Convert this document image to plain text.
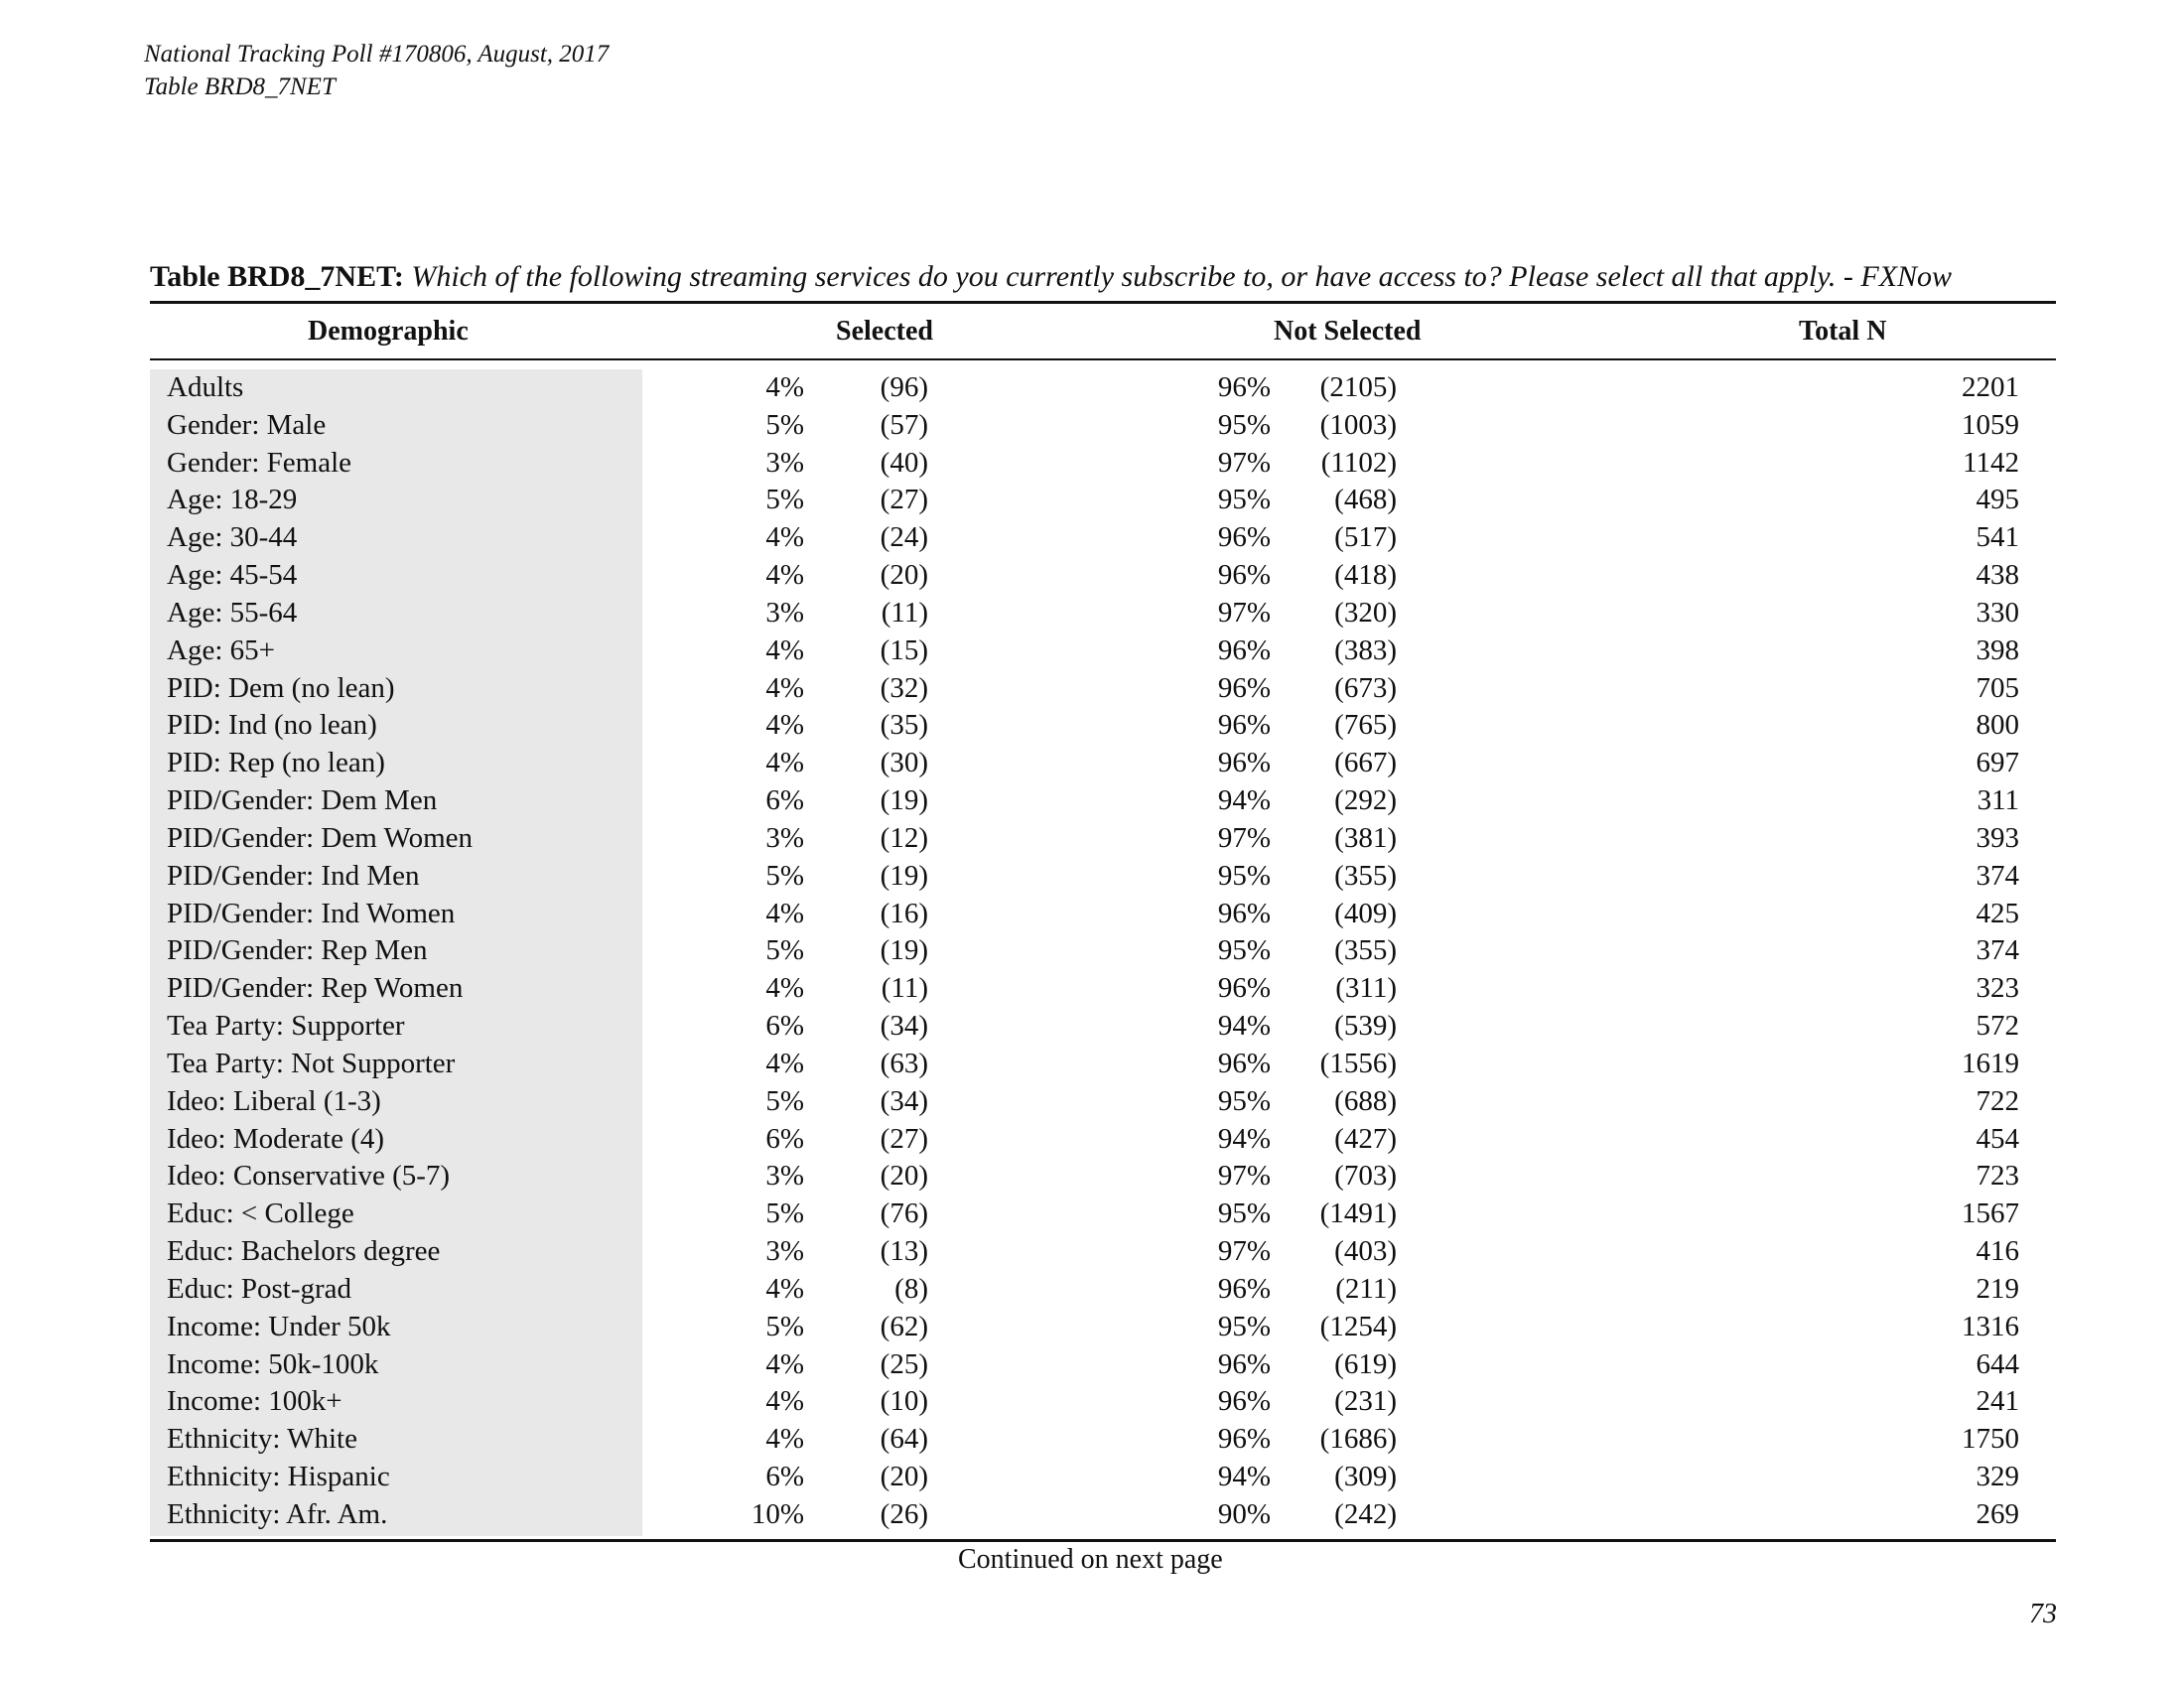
National Tracking Poll #170806, August, 2017
Table BRD8_7NET
Table BRD8_7NET: Which of the following streaming services do you currently subscribe to, or have access to? Please select all that apply. - FXNow
Demographic	Selected	Not Selected	Total N
Adults	4%	(96)	96% (2105)	2201
Gender: Male	5%	(57)	95% (1003)	1059
Gender: Female	3%	(40)	97% (1102)	1142
Age: 18-29	5%	(27)	95% (468)	495
Age: 30-44	4%	(24)	96% (517)	541
Age: 45-54	4%	(20)	96% (418)	438
Age: 55-64	3%	(11)	97% (320)	330
Age: 65+	4%	(15)	96% (383)	398
PID: Dem (no lean)	4%	(32)	96% (673)	705
PID: Ind (no lean)	4%	(35)	96% (765)	800
PID: Rep (no lean)	4%	(30)	96% (667)	697
PID/Gender: Dem Men	6%	(19)	94% (292)	311
PID/Gender: Dem Women	3%	(12)	97% (381)	393
PID/Gender: Ind Men	5%	(19)	95% (355)	374
PID/Gender: Ind Women	4%	(16)	96% (409)	425
PID/Gender: Rep Men	5%	(19)	95% (355)	374
PID/Gender: Rep Women	4%	(11)	96% (311)	323
Tea Party: Supporter	6%	(34)	94% (539)	572
Tea Party: Not Supporter	4%	(63)	96% (1556)	1619
Ideo: Liberal (1-3)	5%	(34)	95% (688)	722
Ideo: Moderate (4)	6%	(27)	94% (427)	454
Ideo: Conservative (5-7)	3%	(20)	97% (703)	723
Educ: < College	5%	(76)	95% (1491)	1567
Educ: Bachelors degree	3%	(13)	97% (403)	416
Educ: Post-grad	4%	(8)	96% (211)	219
Income: Under 50k	5%	(62)	95% (1254)	1316
Income: 50k-100k	4%	(25)	96% (619)	644
Income: 100k+	4%	(10)	96% (231)	241
Ethnicity: White	4%	(64)	96% (1686)	1750
Ethnicity: Hispanic	6%	(20)	94% (309)	329
Ethnicity: Afr. Am.	10%	(26)	90% (242)	269
Continued on next page
73
